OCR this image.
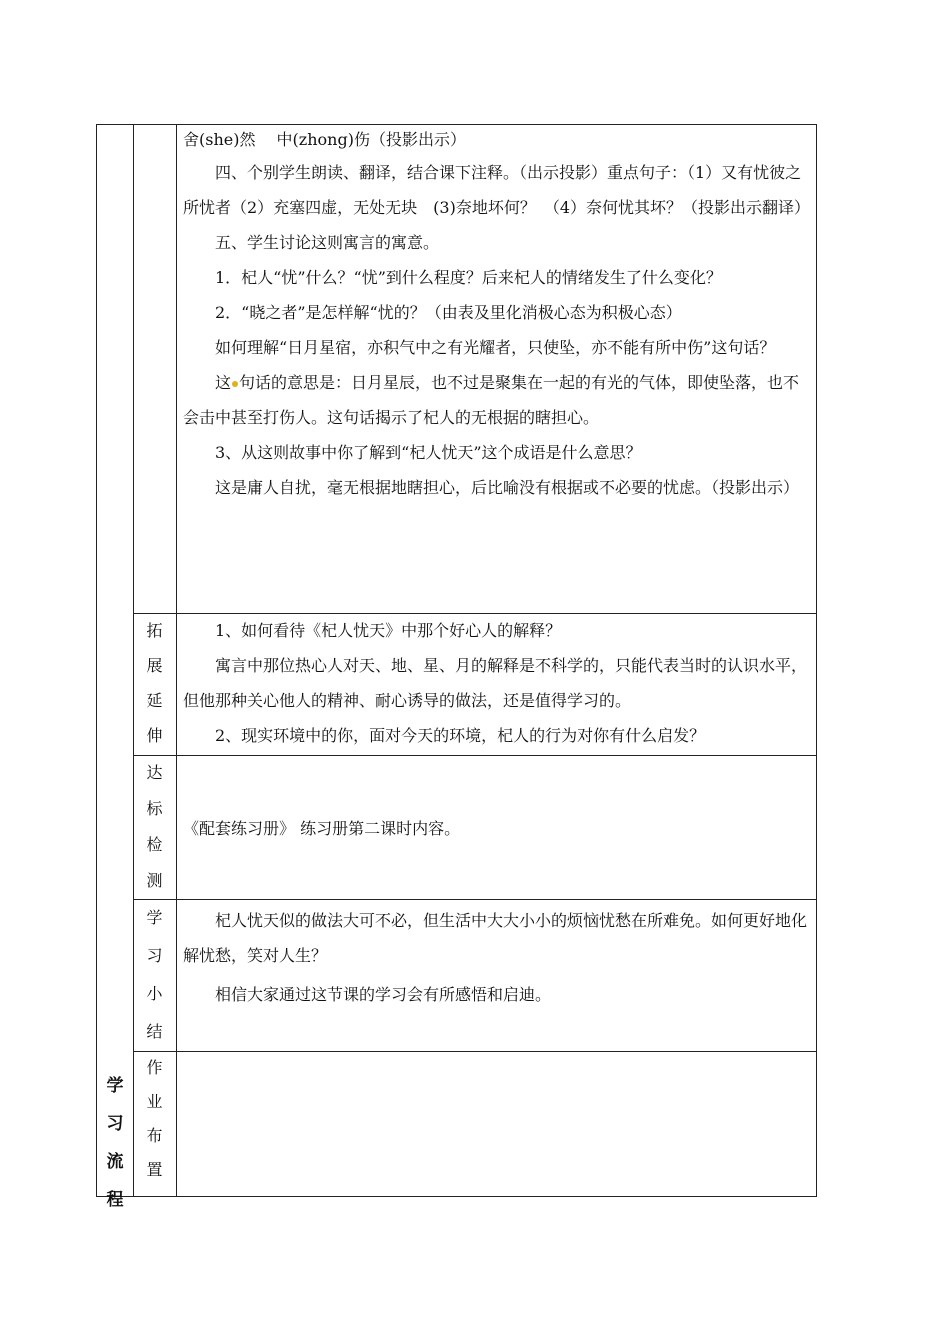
学
习
流
程

舍(she)然　 中(zhong)伤（投影出示）

四、个别学生朗读、翻译，结合课下注释。（出示投影）重点句子：（1）又有忧彼之所忧者（2）充塞四虚，无处无块　(3)奈地坏何？　（4）奈何忧其坏？（投影出示翻译）

五、学生讨论这则寓言的寓意。

1．杞人“忧”什么？“忧”到什么程度？后来杞人的情绪发生了什么变化？

2．“晓之者”是怎样解“忧的？（由表及里化消极心态为积极心态）

如何理解“日月星宿，亦积气中之有光耀者，只使坠，亦不能有所中伤”这句话？

这 句话的意思是：日月星辰，也不过是聚集在一起的有光的气体，即使坠落，也不会击中甚至打伤人。这句话揭示了杞人的无根据的瞎担心。

3、从这则故事中你了解到“杞人忧天”这个成语是什么意思？

这是庸人自扰，毫无根据地瞎担心，后比喻没有根据或不必要的忧虑。（投影出示）

拓
展
延
伸

1、如何看待《杞人忧天》中那个好心人的解释？

寓言中那位热心人对天、地、星、月的解释是不科学的，只能代表当时的认识水平，但他那种关心他人的精神、耐心诱导的做法，还是值得学习的。

2、现实环境中的你，面对今天的环境，杞人的行为对你有什么启发？

达
标
检
测

《配套练习册》 练习册第二课时内容。

学
习
小
结

杞人忧天似的做法大可不必，但生活中大大小小的烦恼忧愁在所难免。如何更好地化解忧愁，笑对人生？

相信大家通过这节课的学习会有所感悟和启迪。

作
业
布
置
